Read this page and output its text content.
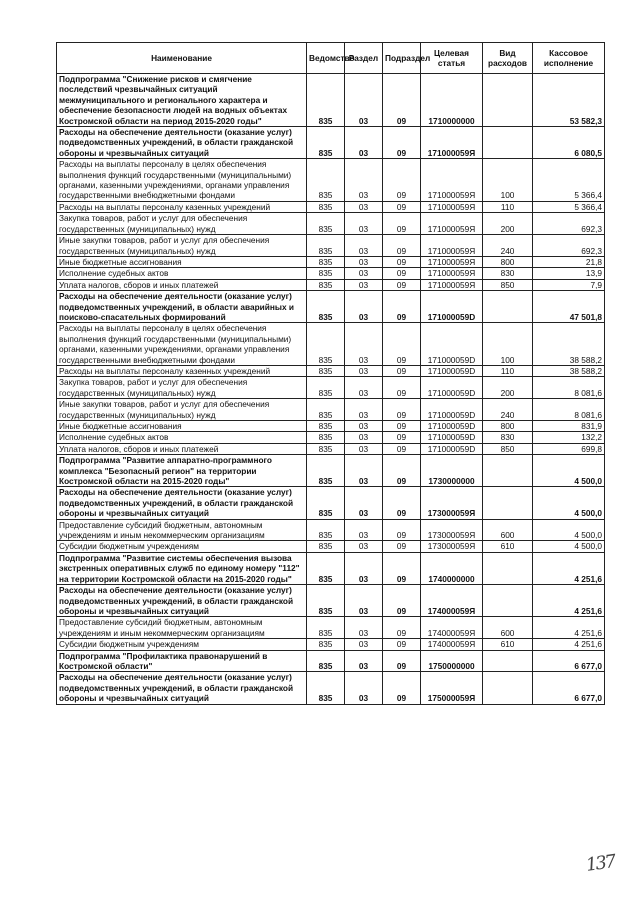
Наименование	Ведомство	Раздел	Подраздел	Целевая статья	Вид расходов	Кассовое исполнение
Подпрограмма "Снижение рисков и смягчение последствий чрезвычайных ситуаций межмуниципального и регионального характера и обеспечение безопасности людей на водных объектах Костромской области на период 2015-2020 годы"	835	03	09	1710000000		53 582,3
Расходы на обеспечение деятельности (оказание услуг) подведомственных учреждений, в области гражданской обороны и чрезвычайных ситуаций	835	03	09	171000059Я		6 080,5
Расходы на выплаты персоналу в целях обеспечения выполнения функций государственными (муниципальными) органами, казенными учреждениями, органами управления государственными внебюджетными фондами	835	03	09	171000059Я	100	5 366,4
Расходы на выплаты персоналу казенных учреждений	835	03	09	171000059Я	110	5 366,4
Закупка товаров, работ и услуг для обеспечения государственных (муниципальных) нужд	835	03	09	171000059Я	200	692,3
Иные закупки товаров, работ и услуг для обеспечения государственных (муниципальных) нужд	835	03	09	171000059Я	240	692,3
Иные бюджетные ассигнования	835	03	09	171000059Я	800	21,8
Исполнение судебных актов	835	03	09	171000059Я	830	13,9
Уплата налогов, сборов и иных платежей	835	03	09	171000059Я	850	7,9
Расходы на обеспечение деятельности (оказание услуг) подведомственных учреждений, в области аварийных и поисково-спасательных формирований	835	03	09	171000059D		47 501,8
Расходы на выплаты персоналу в целях обеспечения выполнения функций государственными (муниципальными) органами, казенными учреждениями, органами управления государственными внебюджетными фондами	835	03	09	171000059D	100	38 588,2
Расходы на выплаты персоналу казенных учреждений	835	03	09	171000059D	110	38 588,2
Закупка товаров, работ и услуг для обеспечения государственных (муниципальных) нужд	835	03	09	171000059D	200	8 081,6
Иные закупки товаров, работ и услуг для обеспечения государственных (муниципальных) нужд	835	03	09	171000059D	240	8 081,6
Иные бюджетные ассигнования	835	03	09	171000059D	800	831,9
Исполнение судебных актов	835	03	09	171000059D	830	132,2
Уплата налогов, сборов и иных платежей	835	03	09	171000059D	850	699,8
Подпрограмма "Развитие аппаратно-программного комплекса "Безопасный регион" на территории Костромской области на 2015-2020 годы"	835	03	09	1730000000		4 500,0
Расходы на обеспечение деятельности (оказание услуг) подведомственных учреждений, в области гражданской обороны и чрезвычайных ситуаций	835	03	09	173000059Я		4 500,0
Предоставление субсидий бюджетным, автономным учреждениям и иным некоммерческим организациям	835	03	09	173000059Я	600	4 500,0
Субсидии бюджетным учреждениям	835	03	09	173000059Я	610	4 500,0
Подпрограмма "Развитие системы обеспечения вызова экстренных оперативных служб по единому номеру "112" на территории Костромской области на 2015-2020 годы"	835	03	09	1740000000		4 251,6
Расходы на обеспечение деятельности (оказание услуг) подведомственных учреждений, в области гражданской обороны и чрезвычайных ситуаций	835	03	09	174000059Я		4 251,6
Предоставление субсидий бюджетным, автономным учреждениям и иным некоммерческим организациям	835	03	09	174000059Я	600	4 251,6
Субсидии бюджетным учреждениям	835	03	09	174000059Я	610	4 251,6
Подпрограмма "Профилактика правонарушений в Костромской области"	835	03	09	1750000000		6 677,0
Расходы на обеспечение деятельности (оказание услуг) подведомственных учреждений, в области гражданской обороны и чрезвычайных ситуаций	835	03	09	175000059Я		6 677,0
137
